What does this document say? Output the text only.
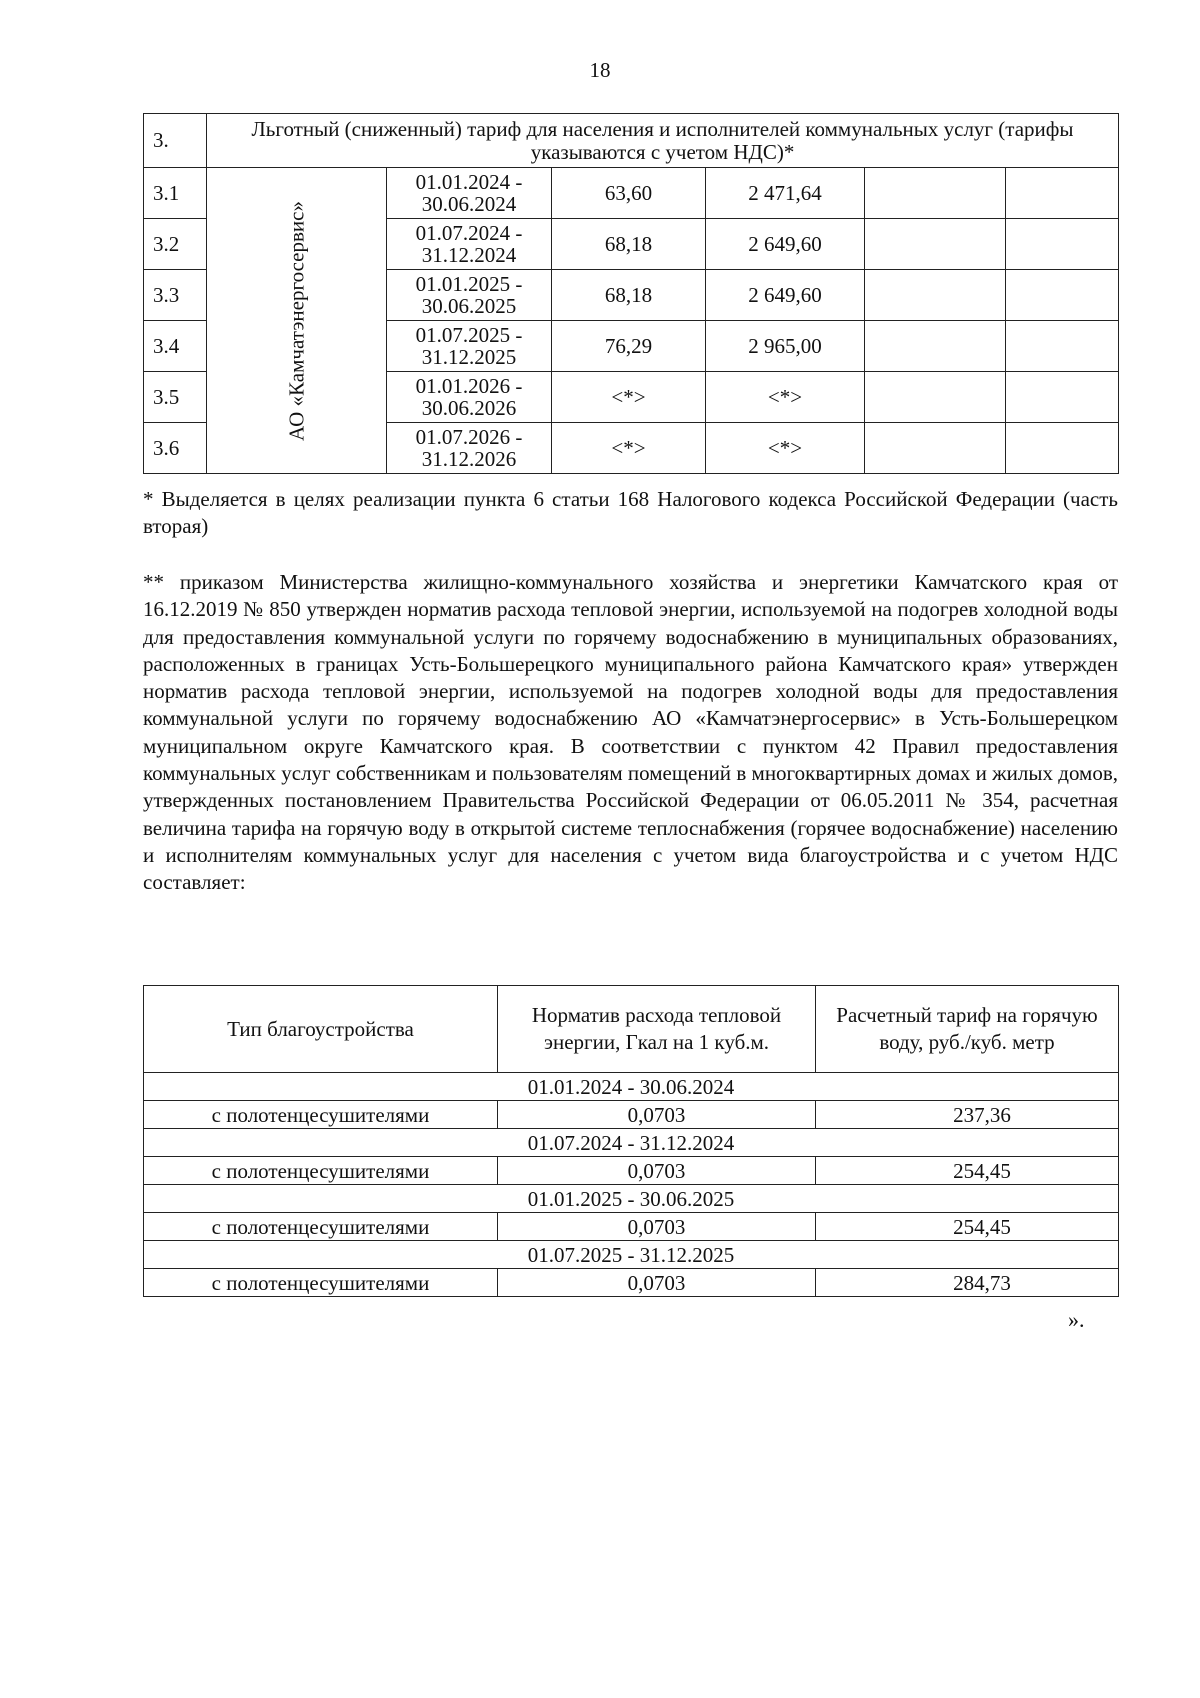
18
3.	Льготный (сниженный) тариф для населения и исполнителей коммунальных услуг (тарифы указываются с учетом НДС)*					
3.1	АО «Камчатэнергосервис»	01.01.2024 - 30.06.2024	63,60	2 471,64		
3.2		01.07.2024 - 31.12.2024	68,18	2 649,60		
3.3		01.01.2025 - 30.06.2025	68,18	2 649,60		
3.4		01.07.2025 - 31.12.2025	76,29	2 965,00		
3.5		01.01.2026 - 30.06.2026	<*>	<*>		
3.6		01.07.2026 - 31.12.2026	<*>	<*>		

* Выделяется в целях реализации пункта 6 статьи 168 Налогового кодекса Российской Федерации (часть вторая)

** приказом Министерства жилищно-коммунального хозяйства и энергетики Камчатского края от 16.12.2019 № 850 утвержден норматив расхода тепловой энергии, используемой на подогрев холодной воды для предоставления коммунальной услуги по горячему водоснабжению в муниципальных образованиях, расположенных в границах Усть-Большерецкого муниципального района Камчатского края» утвержден норматив расхода тепловой энергии, используемой на подогрев холодной воды для предоставления коммунальной услуги по горячему водоснабжению АО «Камчатэнергосервис» в Усть-Большерецком муниципальном округе Камчатского края. В соответствии с пунктом 42 Правил предоставления коммунальных услуг собственникам и пользователям помещений в многоквартирных домах и жилых домов, утвержденных постановлением Правительства Российской Федерации от 06.05.2011 № 354, расчетная величина тарифа на горячую воду в открытой системе теплоснабжения (горячее водоснабжение) населению и исполнителям коммунальных услуг для населения с учетом вида благоустройства и с учетом НДС составляет:

Тип благоустройства	Норматив расхода тепловой энергии, Гкал на 1 куб.м.	Расчетный тариф на горячую воду, руб./куб. метр
01.01.2024 - 30.06.2024		
с полотенцесушителями	0,0703	237,36
01.07.2024 - 31.12.2024		
с полотенцесушителями	0,0703	254,45
01.01.2025 - 30.06.2025		
с полотенцесушителями	0,0703	254,45
01.07.2025 - 31.12.2025		
с полотенцесушителями	0,0703	284,73
».
